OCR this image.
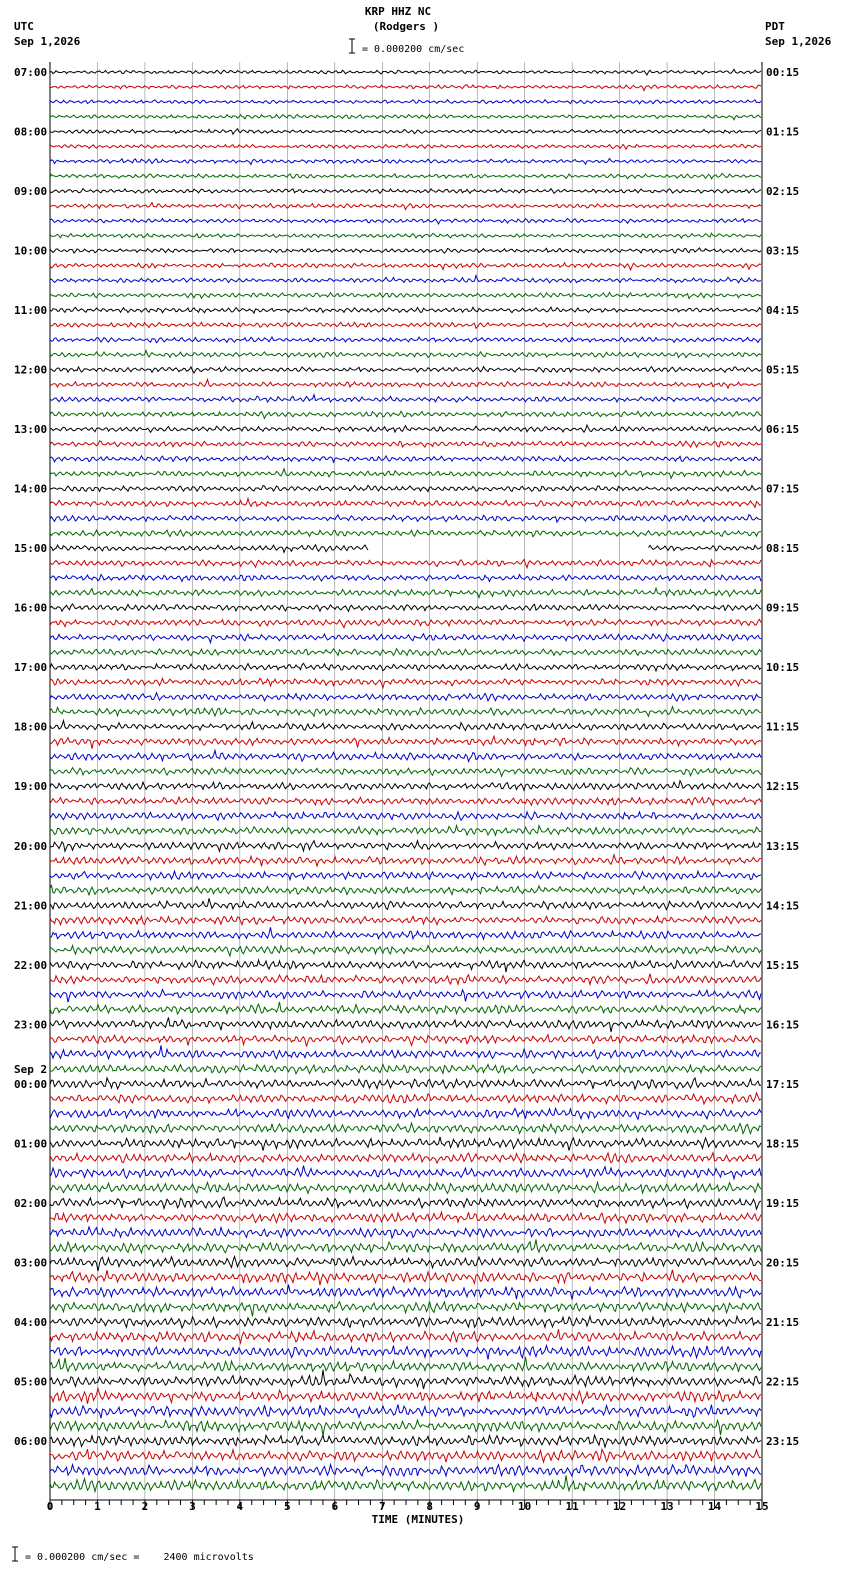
KRP HHZ NC
(Rodgers )
= 0.000200 cm/sec
UTC
Sep 1,2026
PDT
Sep 1,2026
07:00
08:00
09:00
10:00
11:00
12:00
13:00
14:00
15:00
16:00
17:00
18:00
19:00
20:00
21:00
22:00
23:00
00:00
Sep 2
01:00
02:00
03:00
04:00
05:00
06:00
00:15
01:15
02:15
03:15
04:15
05:15
06:15
07:15
08:15
09:15
10:15
11:15
12:15
13:15
14:15
15:15
16:15
17:15
18:15
19:15
20:15
21:15
22:15
23:15
0	1	2	3	4	5	6	7	8	9	10	11	12	13	14	15
TIME (MINUTES)
= 0.000200 cm/sec =    2400 microvolts
